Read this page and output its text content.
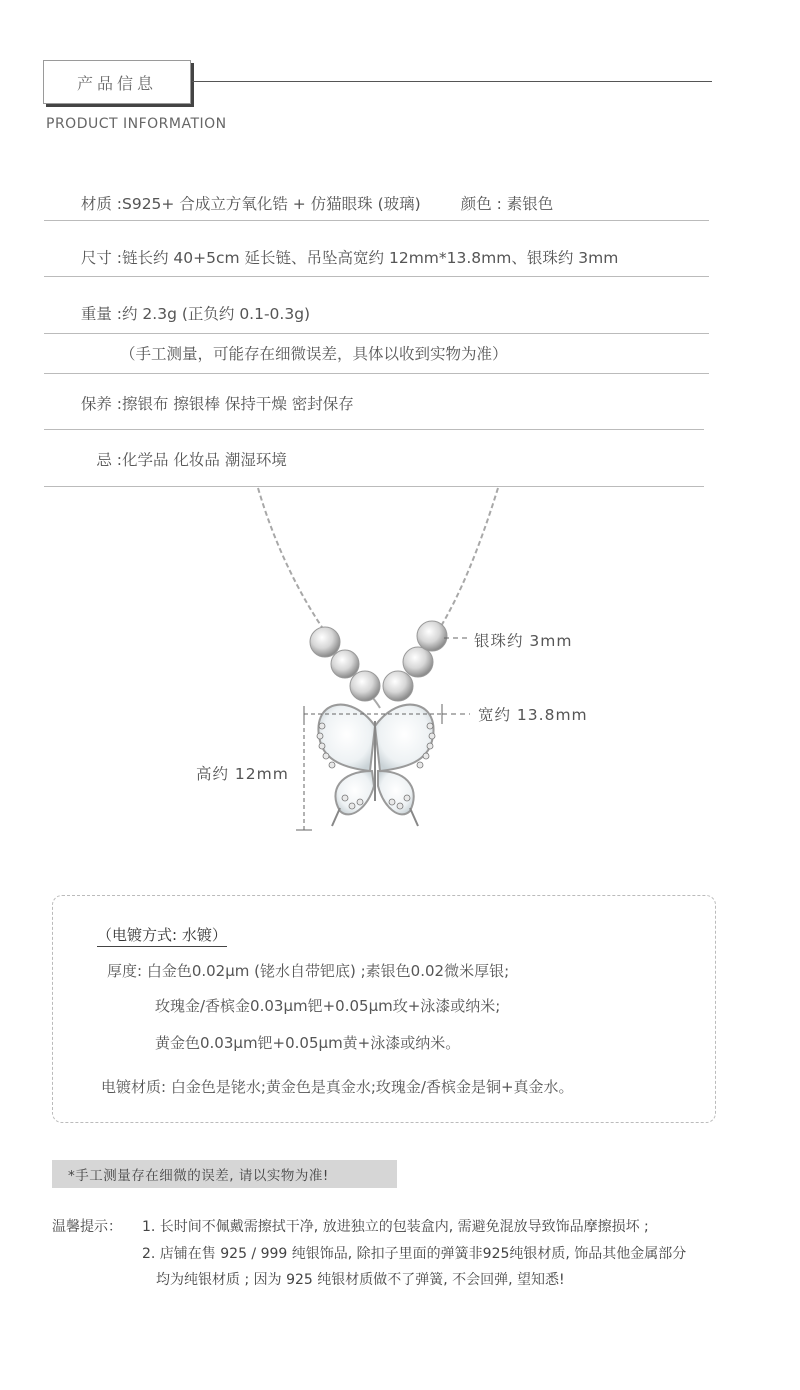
产品信息
PRODUCT INFORMATION
材质 :S925+ 合成立方氧化锆 + 仿猫眼珠 (玻璃)	颜色 : 素银色
尺寸 :链长约 40+5cm 延长链、吊坠高宽约 12mm*13.8mm、银珠约 3mm
重量 :约 2.3g (正负约 0.1-0.3g)
（手工测量，可能存在细微误差，具体以收到实物为准）
保养 :擦银布 擦银棒 保持干燥 密封保存
忌 :化学品 化妆品 潮湿环境
银珠约 3mm
宽约 13.8mm
高约 12mm
（电镀方式: 水镀）
厚度: 白金色0.02μm (铑水自带钯底) ;素银色0.02微米厚银;
玫瑰金/香槟金0.03μm钯+0.05μm玫+泳漆或纳米;
黄金色0.03μm钯+0.05μm黄+泳漆或纳米。
电镀材质: 白金色是铑水;黄金色是真金水;玫瑰金/香槟金是铜+真金水。
*手工测量存在细微的误差, 请以实物为准!
温馨提示： 1. 长时间不佩戴需擦拭干净, 放进独立的包装盒内, 需避免混放导致饰品摩擦损坏 ;
2. 店铺在售 925 / 999 纯银饰品, 除扣子里面的弹簧非925纯银材质, 饰品其他金属部分
均为纯银材质 ; 因为 925 纯银材质做不了弹簧, 不会回弹, 望知悉!
